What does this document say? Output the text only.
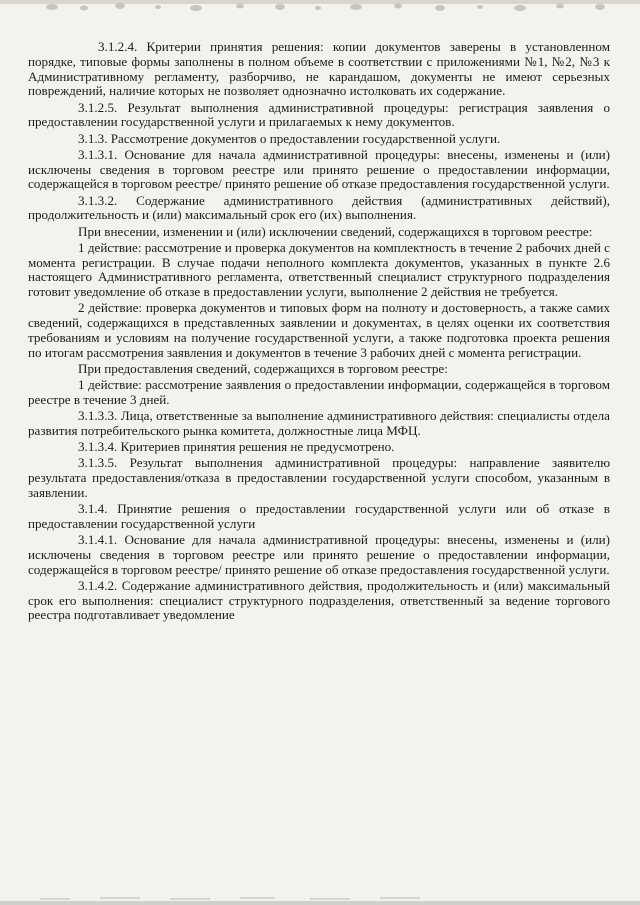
3.1.2.4. Критерии принятия решения: копии документов заверены в установленном порядке, типовые формы заполнены в полном объеме в соответствии с приложениями №1, №2, №3 к Административному регламенту, разборчиво, не карандашом, документы не имеют серьезных повреждений, наличие которых не позволяет однозначно истолковать их содержание.

3.1.2.5. Результат выполнения административной процедуры: регистрация заявления о предоставлении государственной услуги и прилагаемых к нему документов.

3.1.3. Рассмотрение документов о предоставлении государственной услуги.

3.1.3.1. Основание для начала административной процедуры: внесены, изменены и (или) исключены сведения в торговом реестре или принято решение о предоставлении информации, содержащейся в торговом реестре/ принято решение об отказе предоставления государственной услуги.

3.1.3.2. Содержание административного действия (административных действий), продолжительность и (или) максимальный срок его (их) выполнения.

При внесении, изменении и (или) исключении сведений, содержащихся в торговом реестре:

1 действие: рассмотрение и проверка документов на комплектность в течение 2 рабочих дней с момента регистрации. В случае подачи неполного комплекта документов, указанных в пункте 2.6 настоящего Административного регламента, ответственный специалист структурного подразделения готовит уведомление об отказе в предоставлении услуги, выполнение 2 действия не требуется.

2 действие: проверка документов и типовых форм на полноту и достоверность, а также самих сведений, содержащихся в представленных заявлении и документах, в целях оценки их соответствия требованиям и условиям на получение государственной услуги, а также подготовка проекта решения по итогам рассмотрения заявления и документов в течение 3 рабочих дней с момента регистрации.

При предоставления сведений, содержащихся в торговом реестре:

1 действие: рассмотрение заявления о предоставлении информации, содержащейся в торговом реестре в течение 3 дней.

3.1.3.3. Лица, ответственные за выполнение административного действия: специалисты отдела развития потребительского рынка комитета, должностные лица МФЦ.

3.1.3.4. Критериев принятия решения не предусмотрено.

3.1.3.5. Результат выполнения административной процедуры: направление заявителю результата предоставления/отказа в предоставлении государственной услуги способом, указанным в заявлении.

3.1.4. Принятие решения о предоставлении государственной услуги или об отказе в предоставлении государственной услуги

3.1.4.1. Основание для начала административной процедуры: внесены, изменены и (или) исключены сведения в торговом реестре или принято решение о предоставлении информации, содержащейся в торговом реестре/ принято решение об отказе предоставления государственной услуги.

3.1.4.2. Содержание административного действия, продолжительность и (или) максимальный срок его выполнения: специалист структурного подразделения, ответственный за ведение торгового реестра подготавливает уведомление
